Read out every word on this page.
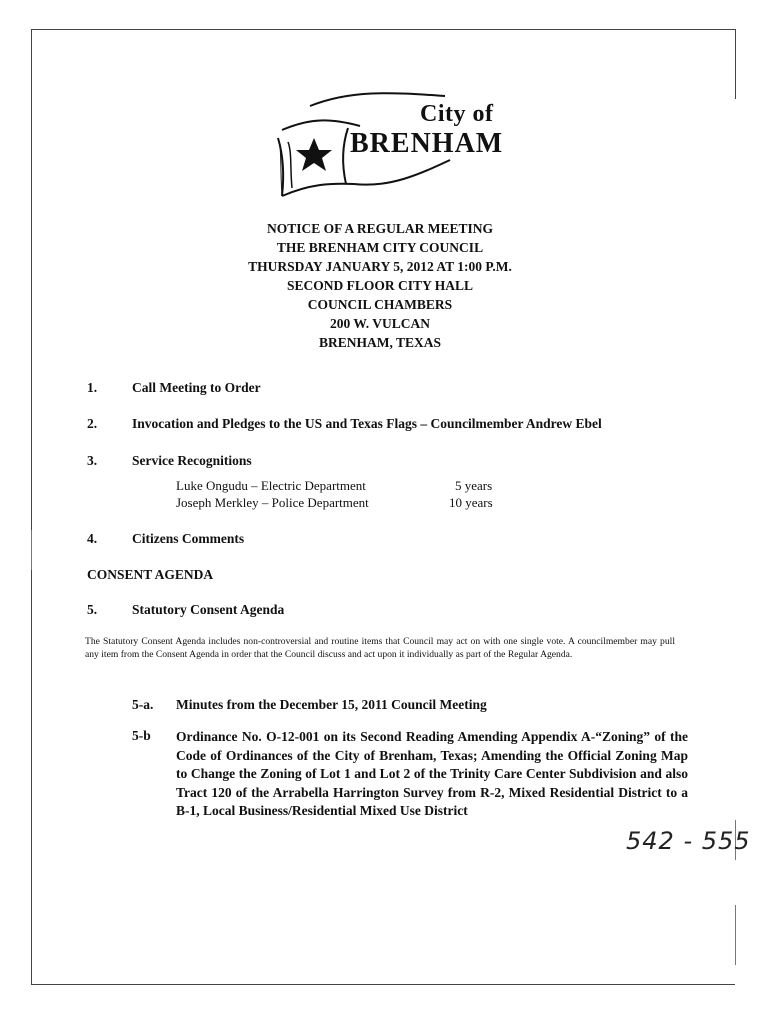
City of
BRENHAM
NOTICE OF A REGULAR MEETING
THE BRENHAM CITY COUNCIL
THURSDAY JANUARY 5, 2012 AT 1:00 P.M.
SECOND FLOOR CITY HALL
COUNCIL CHAMBERS
200 W. VULCAN
BRENHAM, TEXAS
1.	Call Meeting to Order
2.	Invocation and Pledges to the US and Texas Flags – Councilmember Andrew Ebel
3.	Service Recognitions
Luke Ongudu – Electric Department	5 years
Joseph Merkley – Police Department	10 years
4.	Citizens Comments
CONSENT AGENDA
5.	Statutory Consent Agenda
The Statutory Consent Agenda includes non-controversial and routine items that Council may act on with one single vote. A councilmember may pull any item from the Consent Agenda in order that the Council discuss and act upon it individually as part of the Regular Agenda.
5-a. Minutes from the December 15, 2011 Council Meeting
5-b Ordinance No. O-12-001 on its Second Reading Amending Appendix A-“Zoning” of the Code of Ordinances of the City of Brenham, Texas; Amending the Official Zoning Map to Change the Zoning of Lot 1 and Lot 2 of the Trinity Care Center Subdivision and also Tract 120 of the Arrabella Harrington Survey from R-2, Mixed Residential District to a B-1, Local Business/Residential Mixed Use District
542 - 555
